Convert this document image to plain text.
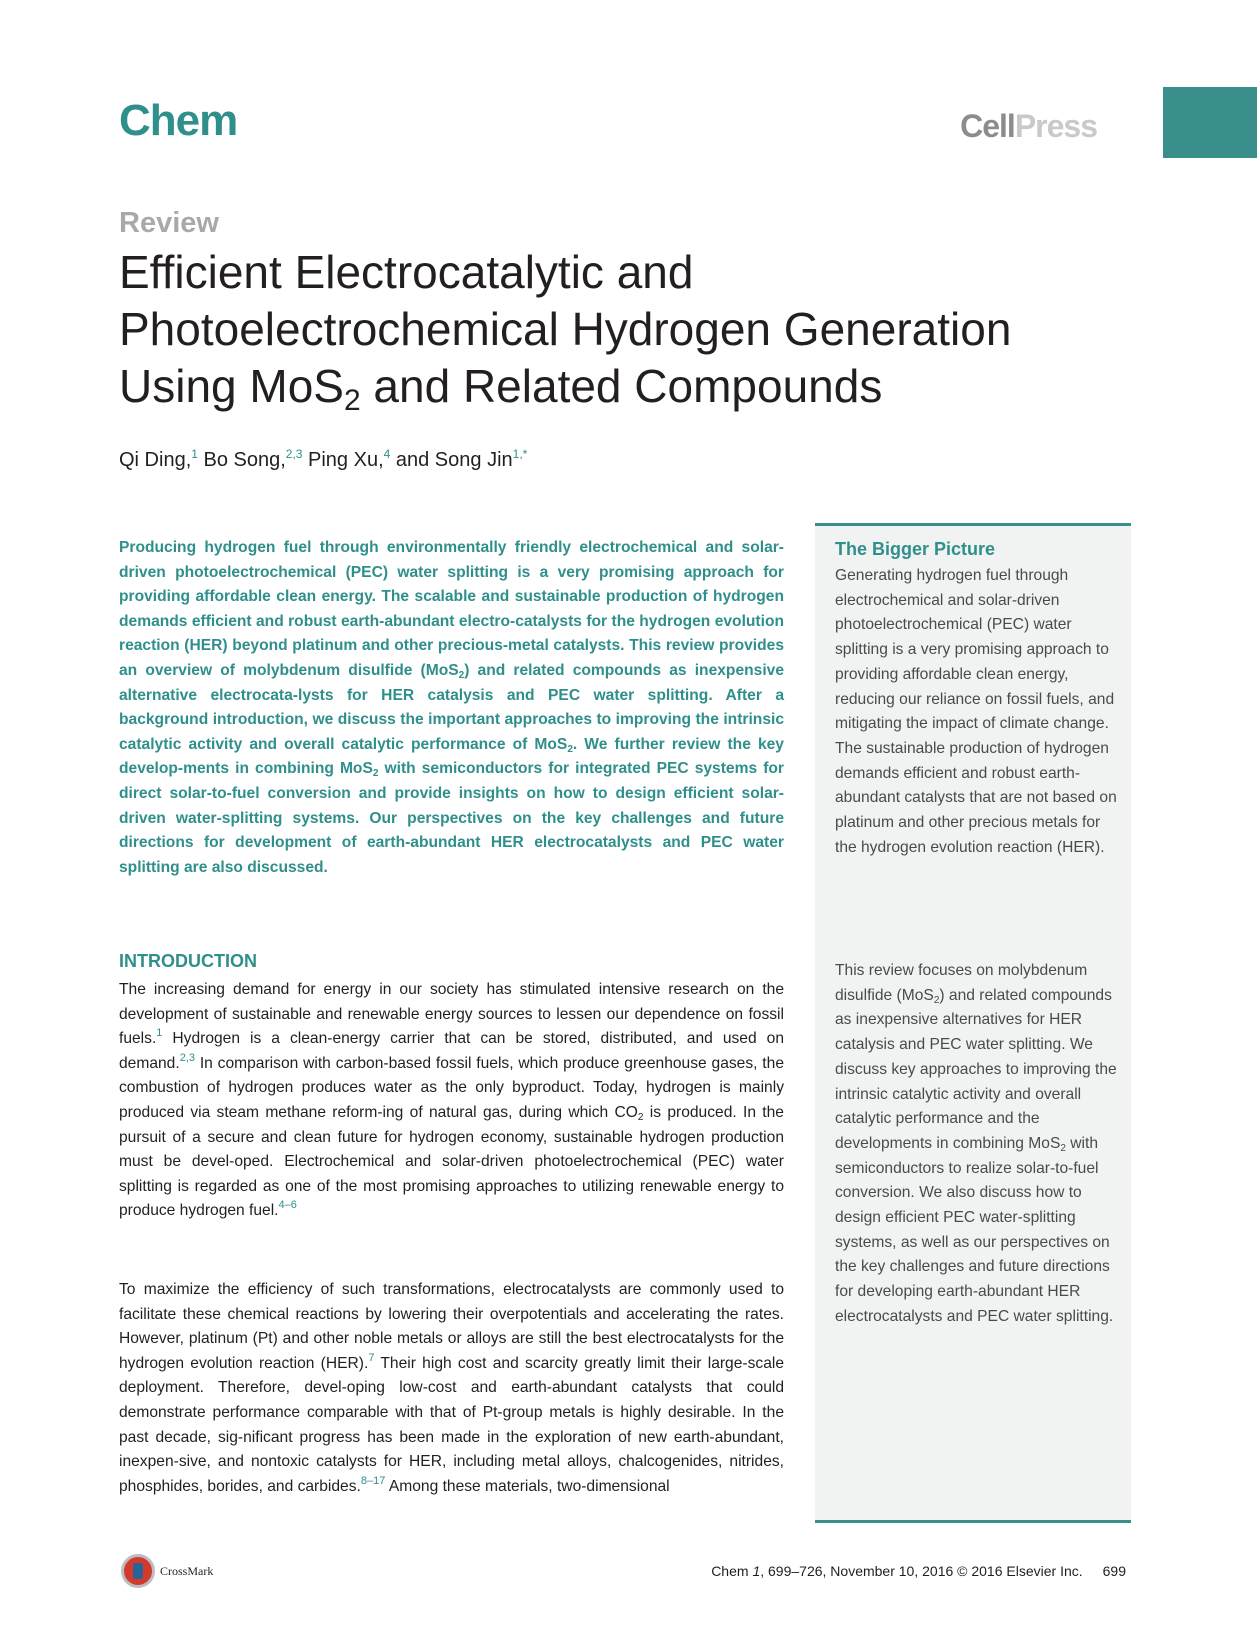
Chem	CellPress
Review
Efficient Electrocatalytic and
Photoelectrochemical Hydrogen Generation
Using MoS$_2$ and Related Compounds
Qi Ding,$^1$ Bo Song,$^{2,3}$ Ping Xu,$^4$ and Song Jin$^{1,*}$

Producing hydrogen fuel through environmentally friendly electrochemical and solar-driven photoelectrochemical (PEC) water splitting is a very promising approach for providing affordable clean energy. The scalable and sustainable production of hydrogen demands efficient and robust earth-abundant electro-catalysts for the hydrogen evolution reaction (HER) beyond platinum and other precious-metal catalysts. This review provides an overview of molybdenum disulfide (MoS$_2$) and related compounds as inexpensive alternative electrocata-lysts for HER catalysis and PEC water splitting. After a background introduction, we discuss the important approaches to improving the intrinsic catalytic activity and overall catalytic performance of MoS$_2$. We further review the key develop-ments in combining MoS$_2$ with semiconductors for integrated PEC systems for direct solar-to-fuel conversion and provide insights on how to design efficient solar-driven water-splitting systems. Our perspectives on the key challenges and future directions for development of earth-abundant HER electrocatalysts and PEC water splitting are also discussed.

INTRODUCTION

The increasing demand for energy in our society has stimulated intensive research on the development of sustainable and renewable energy sources to lessen our dependence on fossil fuels.$^1$ Hydrogen is a clean-energy carrier that can be stored, distributed, and used on demand.$^{2,3}$ In comparison with carbon-based fossil fuels, which produce greenhouse gases, the combustion of hydrogen produces water as the only byproduct. Today, hydrogen is mainly produced via steam methane reform-ing of natural gas, during which $CO_2$ is produced. In the pursuit of a secure and clean future for hydrogen economy, sustainable hydrogen production must be devel-oped. Electrochemical and solar-driven photoelectrochemical (PEC) water splitting is regarded as one of the most promising approaches to utilizing renewable energy to produce hydrogen fuel.$^{4-6}$

To maximize the efficiency of such transformations, electrocatalysts are commonly used to facilitate these chemical reactions by lowering their overpotentials and accelerating the rates. However, platinum (Pt) and other noble metals or alloys are still the best electrocatalysts for the hydrogen evolution reaction (HER).$^7$ Their high cost and scarcity greatly limit their large-scale deployment. Therefore, devel-oping low-cost and earth-abundant catalysts that could demonstrate performance comparable with that of Pt-group metals is highly desirable. In the past decade, sig-nificant progress has been made in the exploration of new earth-abundant, inexpen-sive, and nontoxic catalysts for HER, including metal alloys, chalcogenides, nitrides, phosphides, borides, and carbides.$^{8-17}$ Among these materials, two-dimensional

The Bigger Picture

Generating hydrogen fuel through electrochemical and solar-driven photoelectrochemical (PEC) water splitting is a very promising approach to providing affordable clean energy, reducing our reliance on fossil fuels, and mitigating the impact of climate change. The sustainable production of hydrogen demands efficient and robust earth-abundant catalysts that are not based on platinum and other precious metals for the hydrogen evolution reaction (HER).

This review focuses on molybdenum disulfide (MoS$_2$) and related compounds as inexpensive alternatives for HER catalysis and PEC water splitting. We discuss key approaches to improving the intrinsic catalytic activity and overall catalytic performance and the developments in combining MoS$_2$ with semiconductors to realize solar-to-fuel conversion. We also discuss how to design efficient PEC water-splitting systems, as well as our perspectives on the key challenges and future directions for developing earth-abundant HER electrocatalysts and PEC water splitting.

CrossMark	Chem 1, 699–726, November 10, 2016 © 2016 Elsevier Inc. 699
